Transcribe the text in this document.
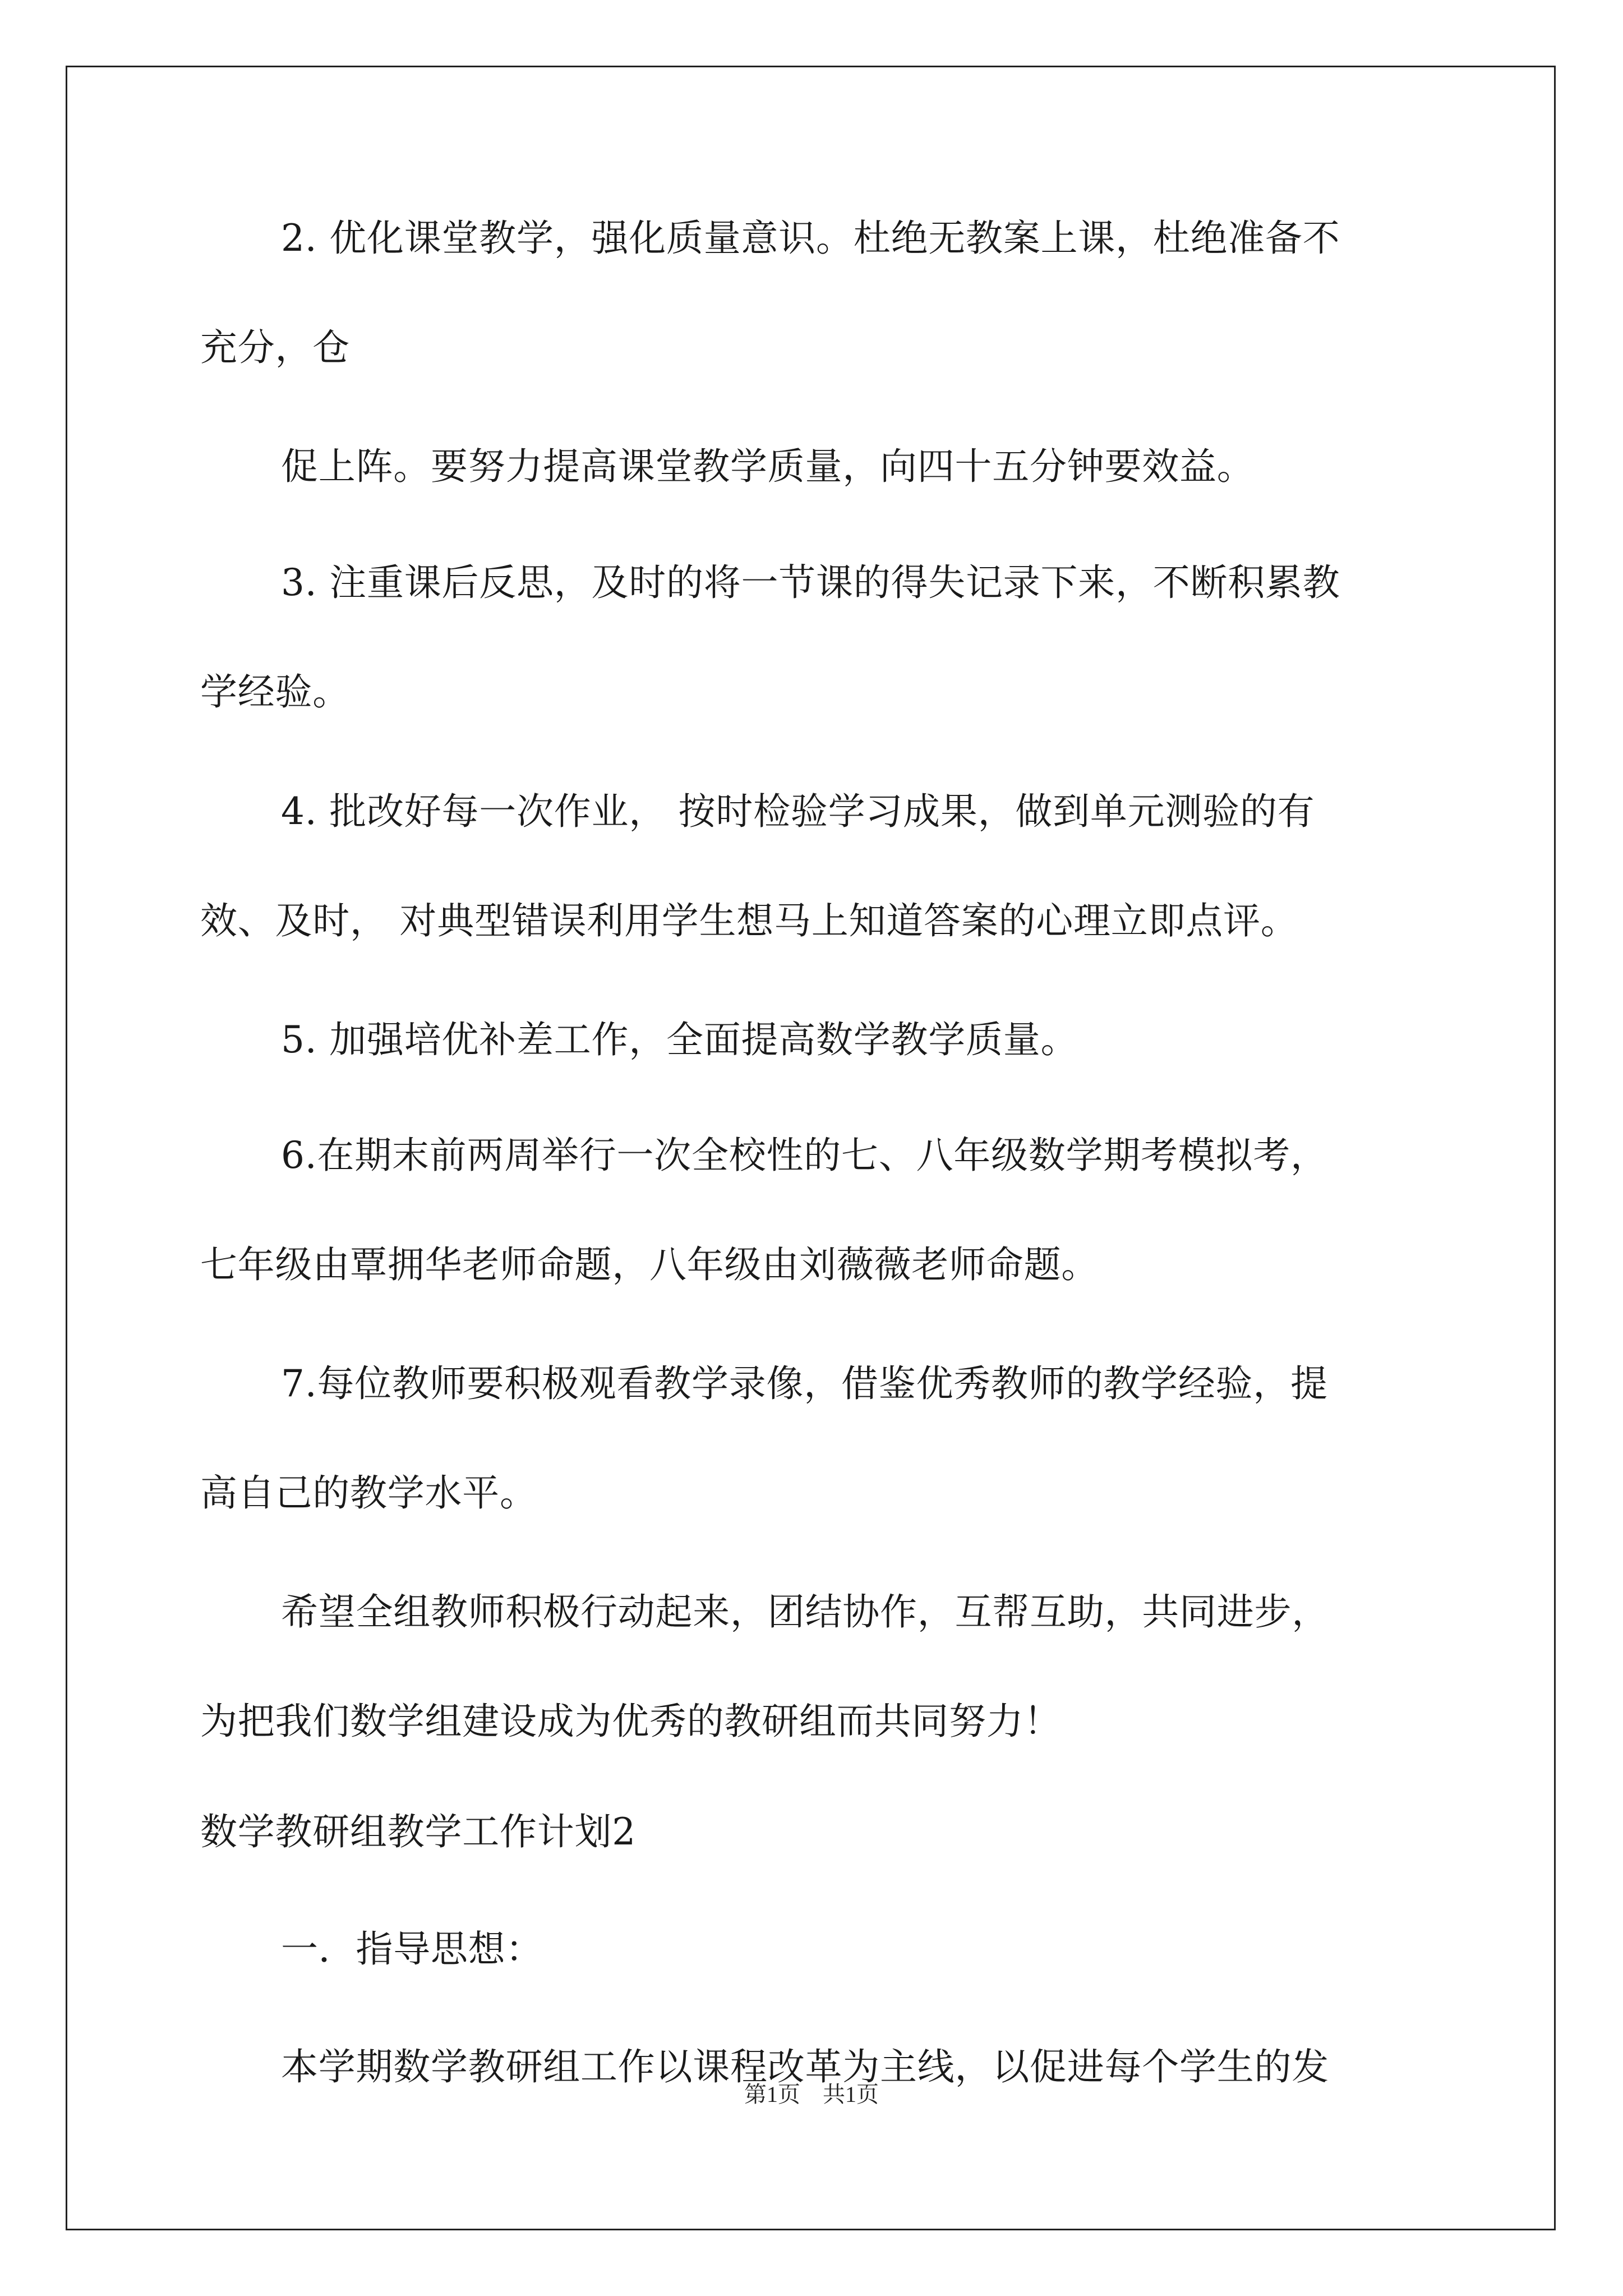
2. 优化课堂教学，强化质量意识。杜绝无教案上课，杜绝准备不

充分，仓

促上阵。要努力提高课堂教学质量，向四十五分钟要效益。

3. 注重课后反思，及时的将一节课的得失记录下来，不断积累教

学经验。

4. 批改好每一次作业， 按时检验学习成果，做到单元测验的有

效、及时， 对典型错误利用学生想马上知道答案的心理立即点评。

5. 加强培优补差工作，全面提高数学教学质量。

6.在期末前两周举行一次全校性的七、八年级数学期考模拟考，

七年级由覃拥华老师命题，八年级由刘薇薇老师命题。

7.每位教师要积极观看教学录像，借鉴优秀教师的教学经验，提

高自己的教学水平。

希望全组教师积极行动起来，团结协作，互帮互助，共同进步，

为把我们数学组建设成为优秀的教研组而共同努力！

数学教研组教学工作计划2

一．指导思想：

本学期数学教研组工作以课程改革为主线，以促进每个学生的发

第1页 共1页
